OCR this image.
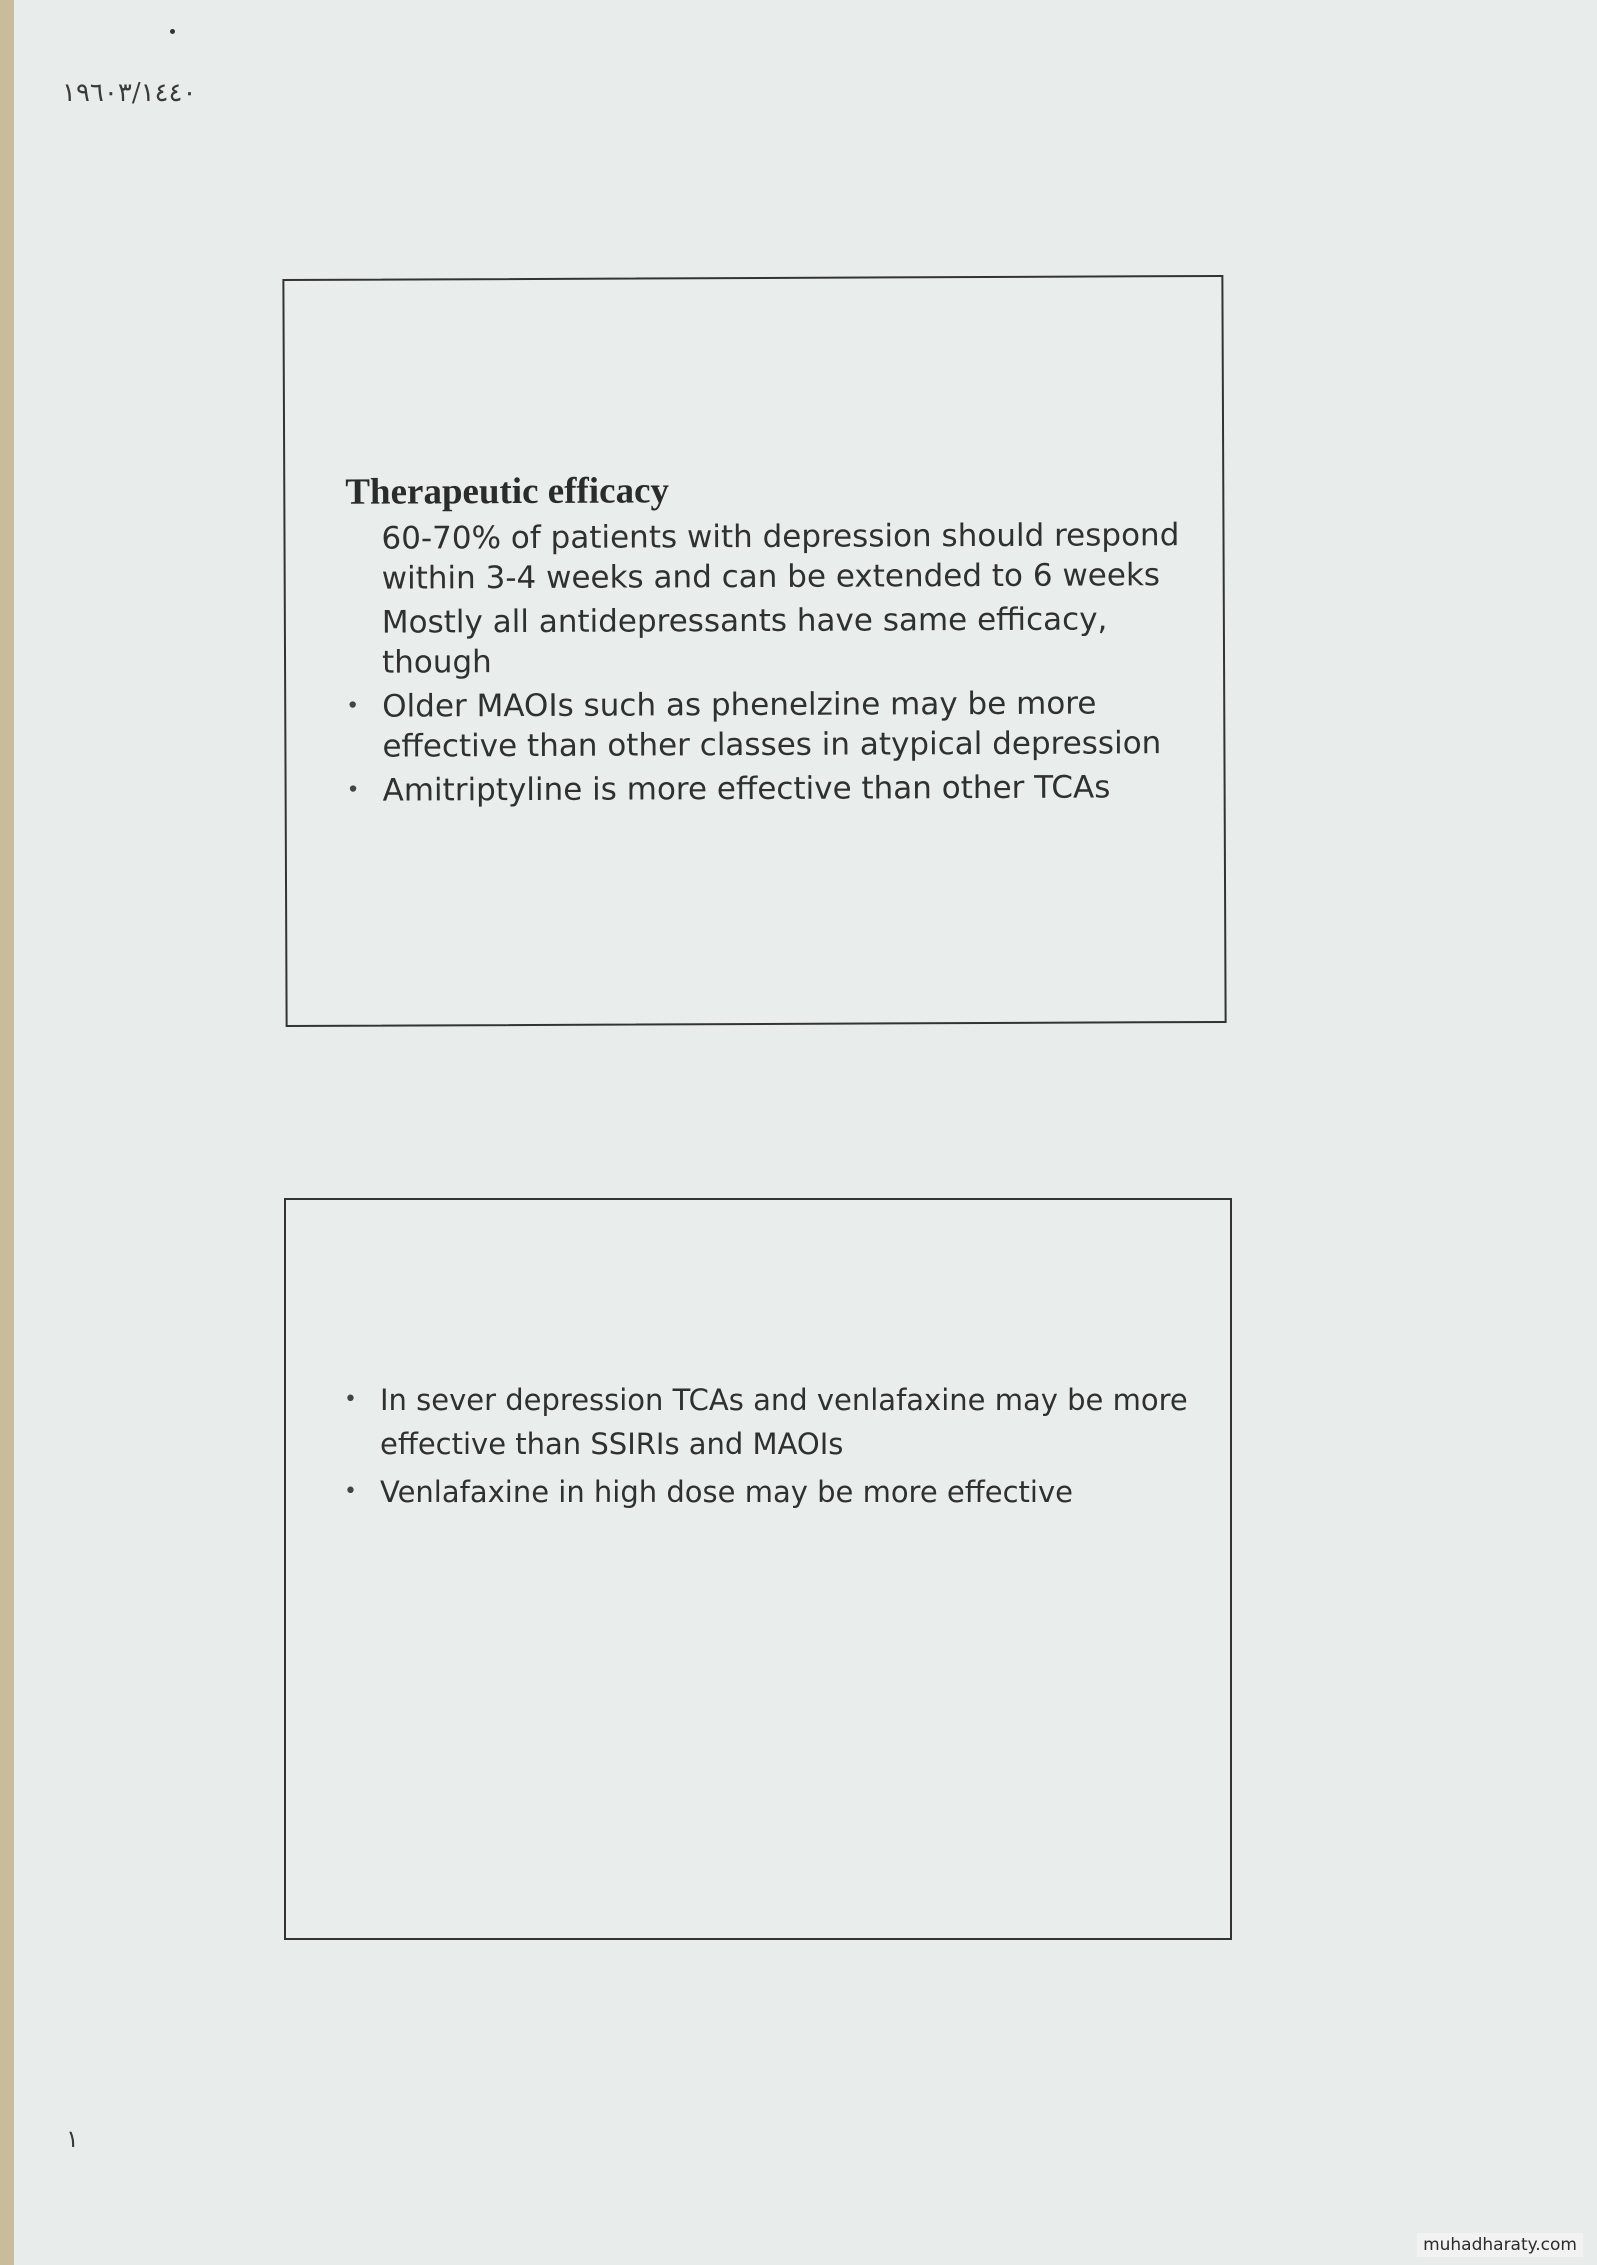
١٩٦٠٣/١٤٤٠
Therapeutic efficacy
60-70% of patients with depression should respond within 3-4 weeks and can be extended to 6 weeks
Mostly all antidepressants have same efficacy, though
• Older MAOIs such as phenelzine may be more effective than other classes in atypical depression
• Amitriptyline is more effective than other TCAs
• In sever depression TCAs and venlafaxine may be more effective than SSIRIs and MAOIs
• Venlafaxine in high dose may be more effective
١
muhadharaty.com
